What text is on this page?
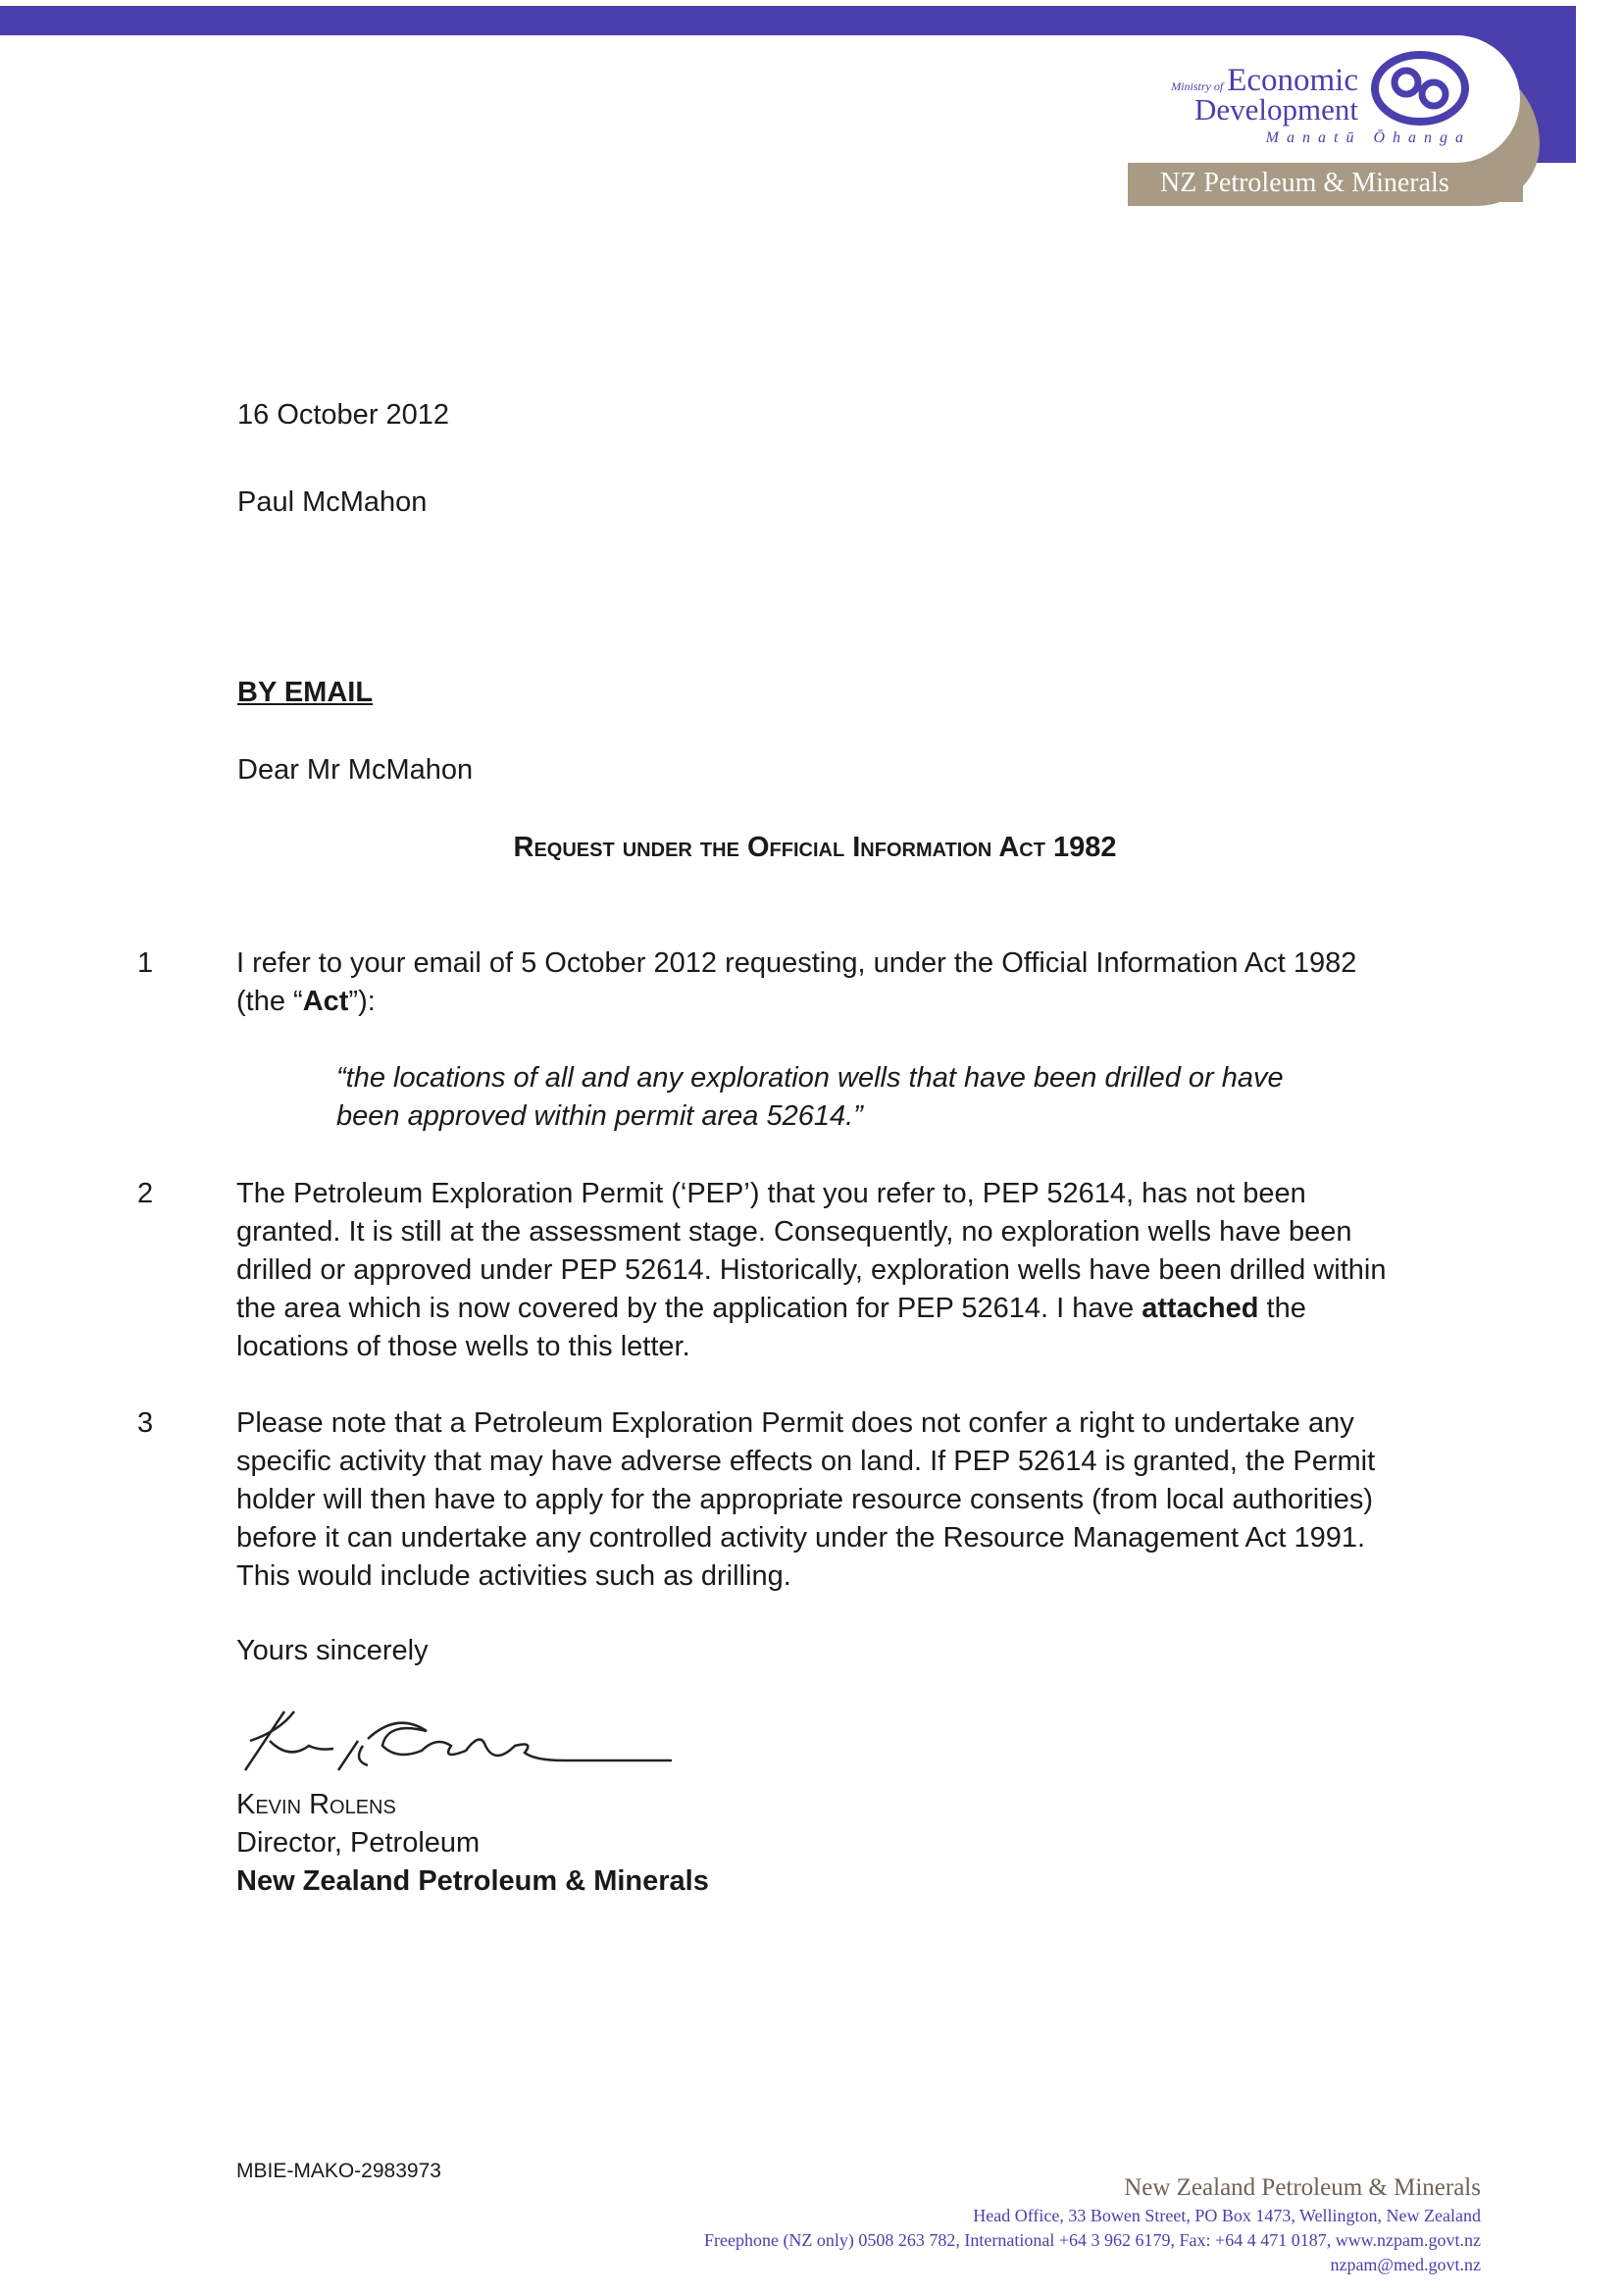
Ministry of Economic
Development
Manatū Ōhanga
NZ Petroleum & Minerals
16 October 2012
Paul McMahon
BY EMAIL
Dear Mr McMahon
Request under the Official Information Act 1982
1	I refer to your email of 5 October 2012 requesting, under the Official Information Act 1982 (the “Act”):
“the locations of all and any exploration wells that have been drilled or have been approved within permit area 52614.”
2	The Petroleum Exploration Permit (‘PEP’) that you refer to, PEP 52614, has not been granted. It is still at the assessment stage. Consequently, no exploration wells have been drilled or approved under PEP 52614. Historically, exploration wells have been drilled within the area which is now covered by the application for PEP 52614. I have attached the locations of those wells to this letter.
3	Please note that a Petroleum Exploration Permit does not confer a right to undertake any specific activity that may have adverse effects on land. If PEP 52614 is granted, the Permit holder will then have to apply for the appropriate resource consents (from local authorities) before it can undertake any controlled activity under the Resource Management Act 1991. This would include activities such as drilling.
Yours sincerely
Kevin Rolens
Director, Petroleum
New Zealand Petroleum & Minerals
MBIE-MAKO-2983973
New Zealand Petroleum & Minerals
Head Office, 33 Bowen Street, PO Box 1473, Wellington, New Zealand
Freephone (NZ only) 0508 263 782, International +64 3 962 6179, Fax: +64 4 471 0187, www.nzpam.govt.nz
nzpam@med.govt.nz
